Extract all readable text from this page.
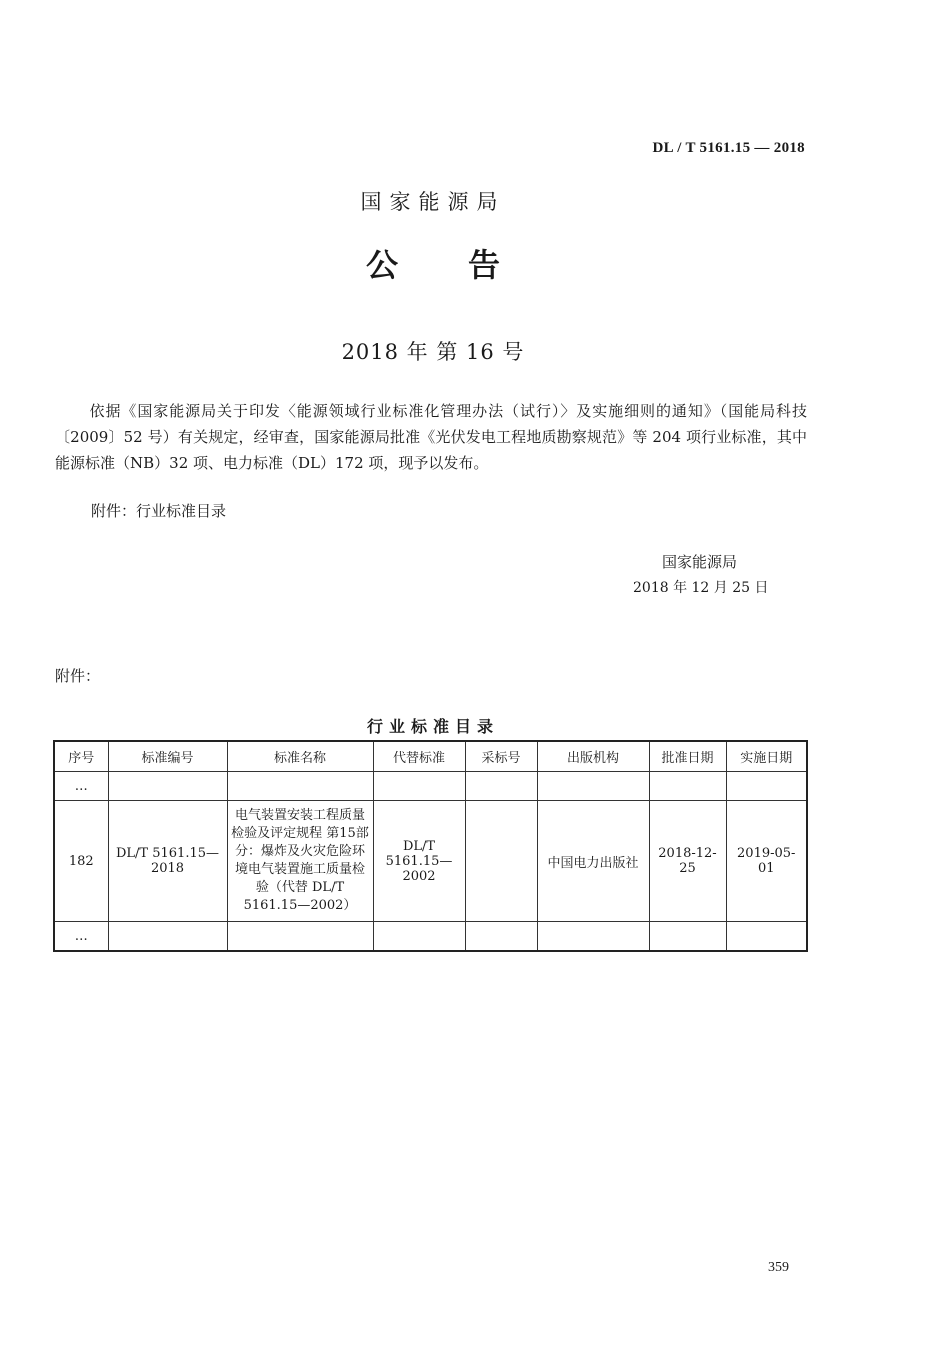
DL / T 5161.15 — 2018
国家能源局
公告
2018 年 第 16 号
依据《国家能源局关于印发〈能源领域行业标准化管理办法（试行）〉及实施细则的通知》（国能局科技〔2009〕52 号）有关规定，经审查，国家能源局批准《光伏发电工程地质勘察规范》等 204 项行业标准，其中能源标准（NB）32 项、电力标准（DL）172 项，现予以发布。
附件：行业标准目录
国家能源局
2018 年 12 月 25 日
附件：
行业标准目录
序号	标准编号	标准名称	代替标准	采标号	出版机构	批准日期	实施日期
…							
182	DL/T 5161.15—2018	电气装置安装工程质量检验及评定规程 第15部分：爆炸及火灾危险环境电气装置施工质量检验（代替 DL/T 5161.15—2002）	DL/T 5161.15—2002		中国电力出版社	2018-12-25	2019-05-01
…							
359
